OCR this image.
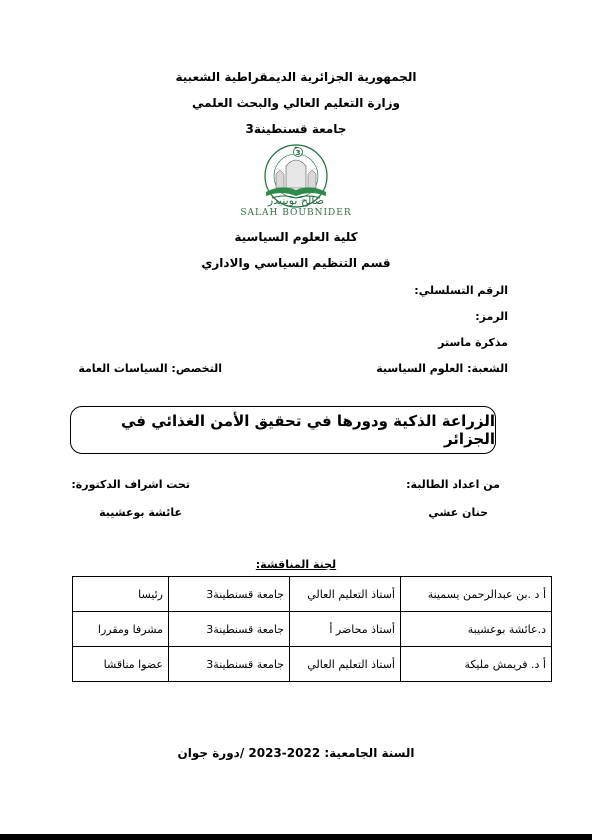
الجمهورية الجزائرية الديمقراطية الشعبية
وزارة التعليم العالي والبحث العلمي
جامعة قسنطينة3
3
صالح بوبنيدر
SALAH BOUBNIDER
كلية العلوم السياسية
قسم التنظيم السياسي والاداري
الرقم التسلسلي:
الرمز:
مذكرة ماستر
الشعبة: العلوم السياسية
التخصص: السياسات العامة
الزراعة الذكية ودورها في تحقيق الأمن الغذائي في الجزائر
من اعداد الطالبة:
تحت اشراف الدكتورة:
حنان عشي
عائشة بوعشيبة
لجنة المناقشة:
أ د .بن عبدالرحمن يسمينة	أستاذ التعليم العالي	جامعة قسنطينة3	رئيسا
د.عائشة بوعشيبة	أستاذ محاضر أ	جامعة قسنطينة3	مشرفا ومقررا
أ د. فريمش مليكة	أستاذ التعليم العالي	جامعة قسنطينة3	عضوا مناقشا
السنة الجامعية: 2022-2023 /دورة جوان
